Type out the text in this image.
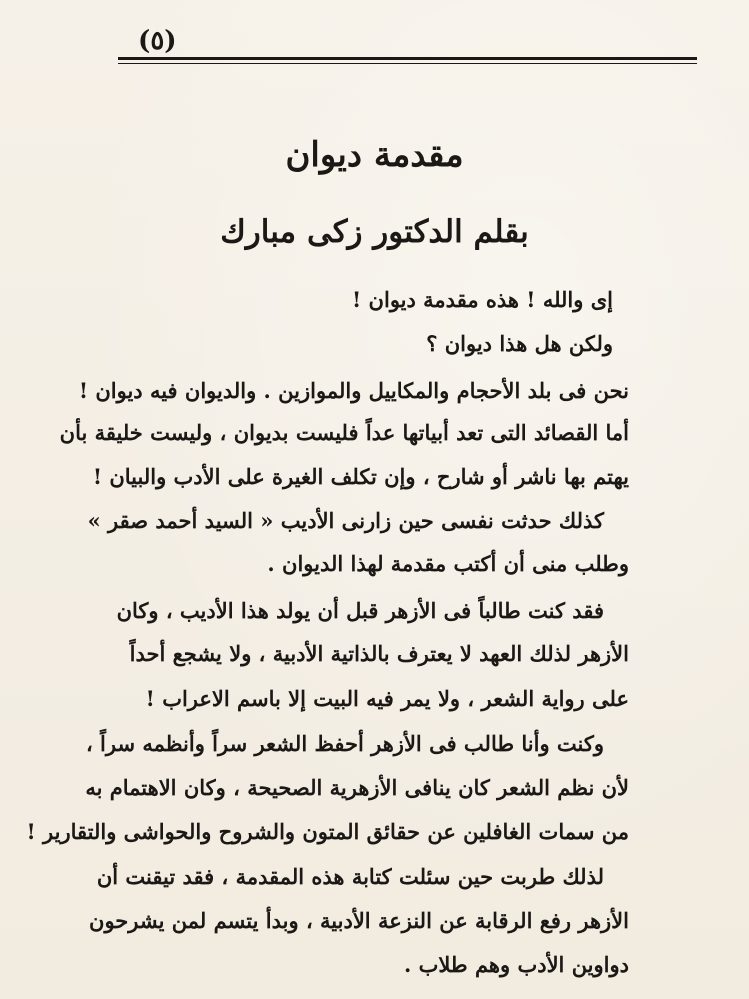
(٥)
مقدمة ديوان
بقلم الدكتور زكى مبارك
إى والله ! هذه مقدمة ديوان !
ولكن هل هذا ديوان ؟
نحن فى بلد الأحجام والمكاييل والموازين . والديوان فيه ديوان !
أما القصائد التى تعد أبياتها عداً فليست بديوان ، وليست خليقة بأن
يهتم بها ناشر أو شارح ، وإن تكلف الغيرة على الأدب والبيان !
كذلك حدثت نفسى حين زارنى الأديب « السيد أحمد صقر »
وطلب منى أن أكتب مقدمة لهذا الديوان .
فقد كنت طالباً فى الأزهر قبل أن يولد هذا الأديب ، وكان
الأزهر لذلك العهد لا يعترف بالذاتية الأدبية ، ولا يشجع أحداً
على رواية الشعر ، ولا يمر فيه البيت إلا باسم الاعراب !
وكنت وأنا طالب فى الأزهر أحفظ الشعر سراً وأنظمه سراً ،
لأن نظم الشعر كان ينافى الأزهرية الصحيحة ، وكان الاهتمام به
من سمات الغافلين عن حقائق المتون والشروح والحواشى والتقارير !
لذلك طربت حين سئلت كتابة هذه المقدمة ، فقد تيقنت أن
الأزهر رفع الرقابة عن النزعة الأدبية ، وبدأ يتسم لمن يشرحون
دواوين الأدب وهم طلاب .
